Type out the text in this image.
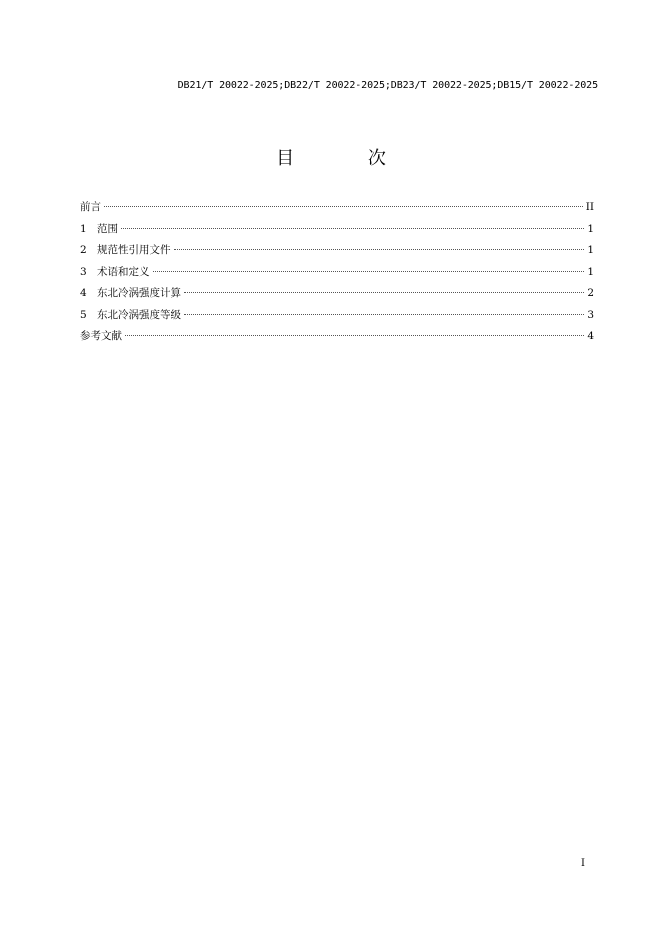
DB21/T 20022-2025;DB22/T 20022-2025;DB23/T 20022-2025;DB15/T 20022-2025
目 次
前言	II
1 范围	1
2 规范性引用文件	1
3 术语和定义	1
4 东北冷涡强度计算	2
5 东北冷涡强度等级	3
参考文献	4
I
